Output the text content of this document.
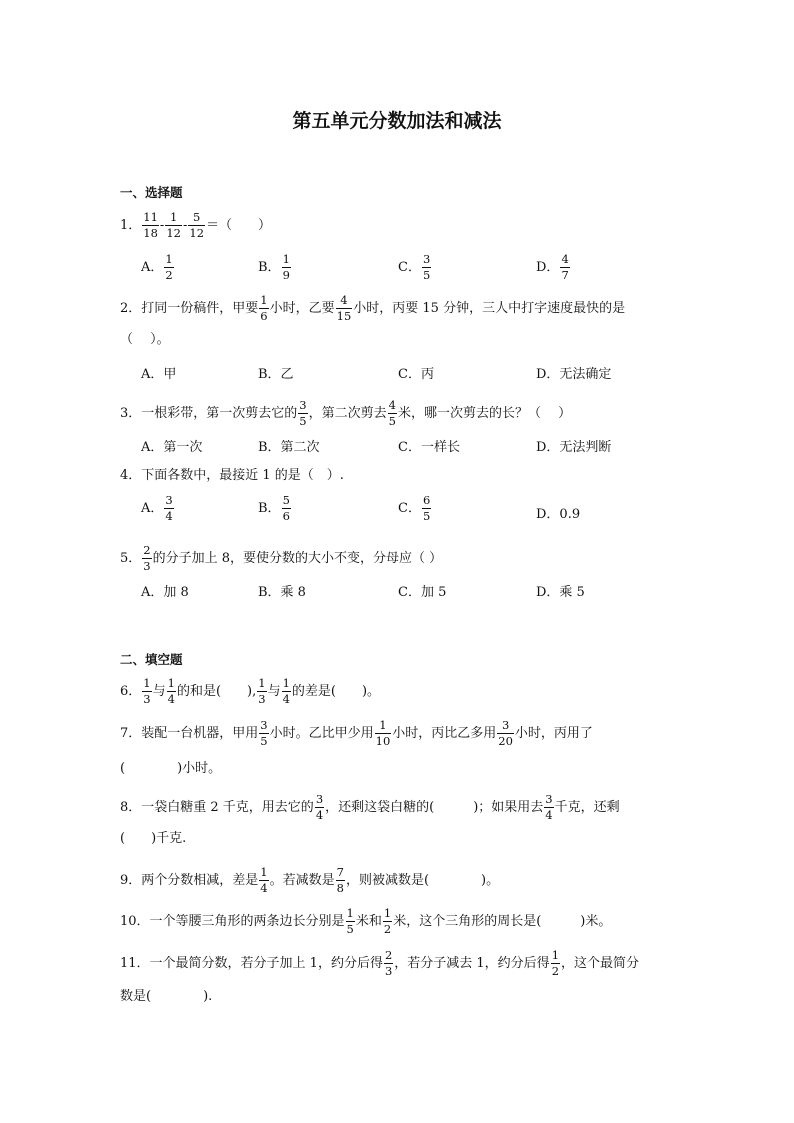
第五单元分数加法和减法
一、选择题
1． $\frac{11}{18} - \frac{1}{12} - \frac{5}{12}$ ＝（　　）
A． $\frac{1}{2}$	B． $\frac{1}{9}$	C． $\frac{3}{5}$	D． $\frac{4}{7}$
2．打同一份稿件，甲要 $\frac{1}{6}$ 小时，乙要 $\frac{4}{15}$ 小时，丙要 15 分钟，三人中打字速度最快的是
（　 ）。
A．甲	B．乙	C．丙	D．无法确定
3．一根彩带，第一次剪去它的 $\frac{3}{5}$ ，第二次剪去 $\frac{4}{5}$ 米，哪一次剪去的长？（　 ）
A．第一次	B．第二次	C．一样长	D．无法判断
4．下面各数中，最接近 1 的是（　）.
A． $\frac{3}{4}$	B． $\frac{5}{6}$	C． $\frac{6}{5}$	D．0.9
5． $\frac{2}{3}$ 的分子加上 8，要使分数的大小不变，分母应（ ）
A．加 8	B．乘 8	C．加 5	D．乘 5
二、填空题
6． $\frac{1}{3}$ 与 $\frac{1}{4}$ 的和是(　　), $\frac{1}{3}$ 与 $\frac{1}{4}$ 的差是(　　)。
7．装配一台机器，甲用 $\frac{3}{5}$ 小时。乙比甲少用 $\frac{1}{10}$ 小时，丙比乙多用 $\frac{3}{20}$ 小时，丙用了
(　　　　)小时。
8．一袋白糖重 2 千克，用去它的 $\frac{3}{4}$ ，还剩这袋白糖的(　　　)；如果用去 $\frac{3}{4}$ 千克，还剩
(　　)千克.
9．两个分数相减，差是 $\frac{1}{4}$ 。若减数是 $\frac{7}{8}$ ，则被减数是(　　　　)。
10．一个等腰三角形的两条边长分别是 $\frac{1}{5}$ 米和 $\frac{1}{2}$ 米，这个三角形的周长是(　　　)米。
11．一个最简分数，若分子加上 1，约分后得 $\frac{2}{3}$ ，若分子减去 1，约分后得 $\frac{1}{2}$ ，这个最简分
数是(　　　　).
